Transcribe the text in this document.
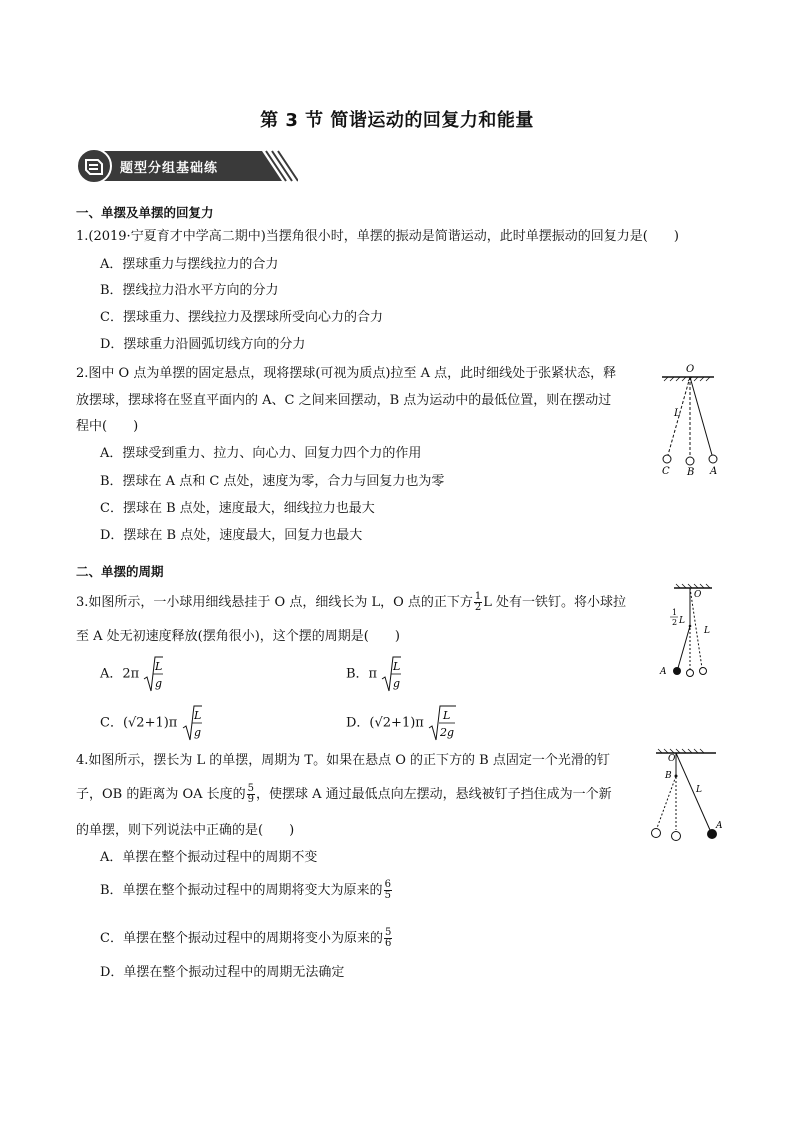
第 3 节 简谐运动的回复力和能量
题型分组基础练
一、单摆及单摆的回复力
1.(2019·宁夏育才中学高二期中)当摆角很小时，单摆的振动是简谐运动，此时单摆振动的回复力是(　　)
A．摆球重力与摆线拉力的合力
B．摆线拉力沿水平方向的分力
C．摆球重力、摆线拉力及摆球所受向心力的合力
D．摆球重力沿圆弧切线方向的分力
2.图中 O 点为单摆的固定悬点，现将摆球(可视为质点)拉至 A 点，此时细线处于张紧状态，释
放摆球，摆球将在竖直平面内的 A、C 之间来回摆动，B 点为运动中的最低位置，则在摆动过
程中(　　)
A．摆球受到重力、拉力、向心力、回复力四个力的作用
B．摆球在 A 点和 C 点处，速度为零，合力与回复力也为零
C．摆球在 B 点处，速度最大，细线拉力也最大
D．摆球在 B 点处，速度最大，回复力也最大
O
L
C B A
二、单摆的周期
3.如图所示，一小球用细线悬挂于 O 点，细线长为 L，O 点的正下方 $\frac{1}{2}$ L 处有一铁钉。将小球拉
至 A 处无初速度释放(摆角很小)，这个摆的周期是(　　)
A．2π L
g
B．π L
g
C．(√2+1)π L
g
D．(√2+1)π L
2g
O
1
2 L
L
A
4.如图所示，摆长为 L 的单摆，周期为 T。如果在悬点 O 的正下方的 B 点固定一个光滑的钉
子，OB 的距离为 OA 长度的 $\frac{5}{9}$ ，使摆球 A 通过最低点向左摆动，悬线被钉子挡住成为一个新
的单摆，则下列说法中正确的是(　　)
A．单摆在整个振动过程中的周期不变
B．单摆在整个振动过程中的周期将变大为原来的 $\frac{6}{5}$
C．单摆在整个振动过程中的周期将变小为原来的 $\frac{5}{6}$
D．单摆在整个振动过程中的周期无法确定
O
B
L
A
